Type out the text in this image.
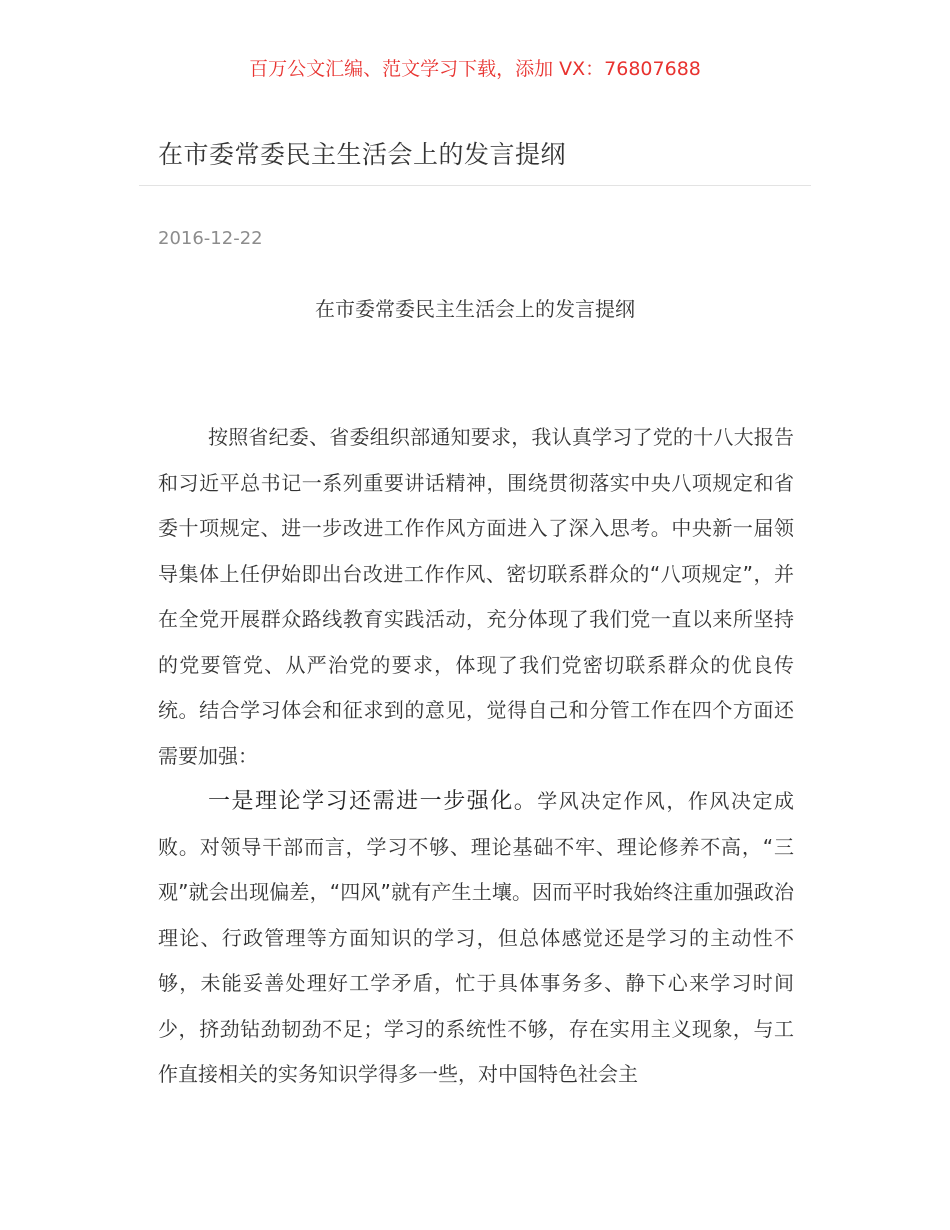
百万公文汇编、范文学习下载，添加 VX：76807688
在市委常委民主生活会上的发言提纲
2016-12-22
在市委常委民主生活会上的发言提纲

按照省纪委、省委组织部通知要求，我认真学习了党的十八大报告和习近平总书记一系列重要讲话精神，围绕贯彻落实中央八项规定和省委十项规定、进一步改进工作作风方面进入了深入思考。中央新一届领导集体上任伊始即出台改进工作作风、密切联系群众的“八项规定”，并在全党开展群众路线教育实践活动，充分体现了我们党一直以来所坚持的党要管党、从严治党的要求，体现了我们党密切联系群众的优良传统。结合学习体会和征求到的意见，觉得自己和分管工作在四个方面还需要加强：

一是理论学习还需进一步强化。学风决定作风，作风决定成败。对领导干部而言，学习不够、理论基础不牢、理论修养不高，“三观”就会出现偏差，“四风”就有产生土壤。因而平时我始终注重加强政治理论、行政管理等方面知识的学习，但总体感觉还是学习的主动性不够，未能妥善处理好工学矛盾，忙于具体事务多、静下心来学习时间少，挤劲钻劲韧劲不足；学习的系统性不够，存在实用主义现象，与工作直接相关的实务知识学得多一些，对中国特色社会主
